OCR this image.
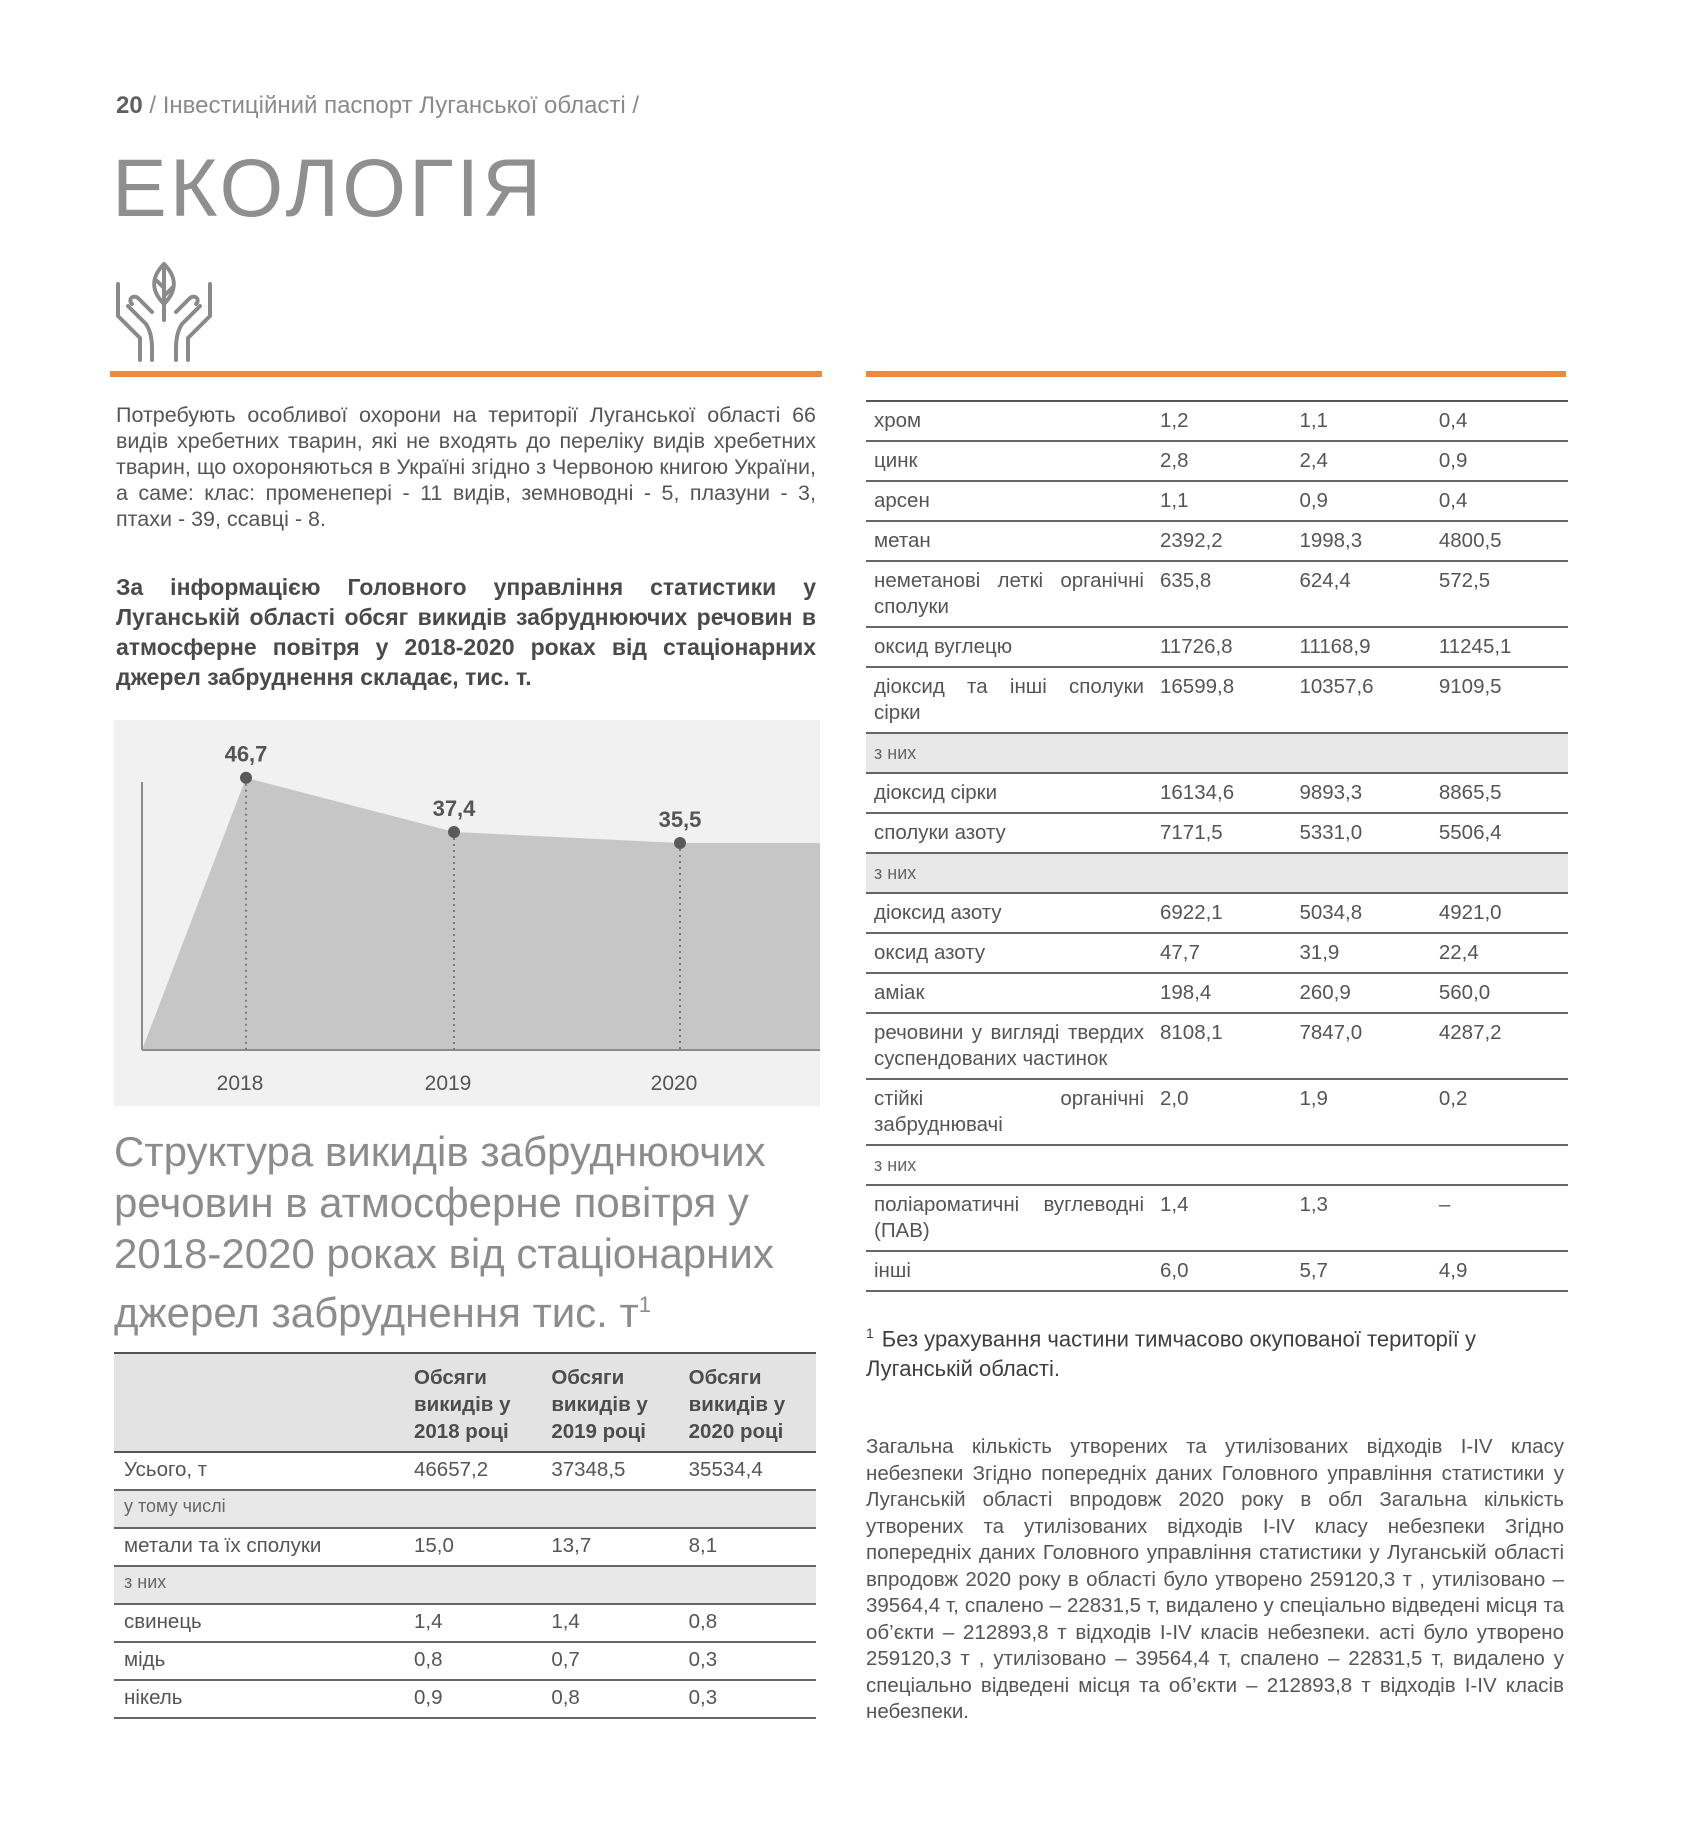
20 / Інвестиційний паспорт Луганської області /
ЕКОЛОГІЯ
Потребують особливої охорони на території Луганської області 66 видів хребетних тварин, які не входять до переліку видів хребетних тварин, що охороняються в Україні згідно з Червоною книгою України, а саме: клас: променепері - 11 видів, земноводні - 5, плазуни - 3, птахи - 39, ссавці - 8.
За інформацією Головного управління статистики у Луганській області обсяг викидів забруднюючих речовин в атмосферне повітря у 2018-2020 роках від стаціонарних джерел забруднення складає, тис. т.
46,7
2018
37,4
2019
35,5
2020
Структура викидів забруднюючих речовин в атмосферне повітря у 2018-2020 роках від стаціонарних джерел забруднення тис. $т^1$
	Обсяги викидів у 2018 році	Обсяги викидів у 2019 році	Обсяги викидів у 2020 році
Усього, т	46657,2	37348,5	35534,4
у тому числі			
метали та їх сполуки	15,0	13,7	8,1
з них			
свинець	1,4	1,4	0,8
мідь	0,8	0,7	0,3
нікель	0,9	0,8	0,3
хром	1,2	1,1	0,4
цинк	2,8	2,4	0,9
арсен	1,1	0,9	0,4
метан	2392,2	1998,3	4800,5
неметанові леткі органічні сполуки	635,8	624,4	572,5
оксид вуглецю	11726,8	11168,9	11245,1
діоксид та інші сполуки сірки	16599,8	10357,6	9109,5
з них			
діоксид сірки	16134,6	9893,3	8865,5
сполуки азоту	7171,5	5331,0	5506,4
з них			
діоксид азоту	6922,1	5034,8	4921,0
оксид азоту	47,7	31,9	22,4
аміак	198,4	260,9	560,0
речовини у вигляді твердих суспендованих частинок	8108,1	7847,0	4287,2
стійкі органічні забруднювачі	2,0	1,9	0,2
з них			
поліароматичні вуглеводні (ПАВ)	1,4	1,3	–
інші	6,0	5,7	4,9
$^1$ Без урахування частини тимчасово окупованої території у Луганській області.
Загальна кількість утворених та утилізованих відходів I-IV класу небезпеки Згідно попередніх даних Головного управління статистики у Луганській області впродовж 2020 року в обл Загальна кількість утворених та утилізованих відходів I-IV класу небезпеки Згідно попередніх даних Головного управління статистики у Луганській області впродовж 2020 року в області було утворено 259120,3 т , утилізовано – 39564,4 т, спалено – 22831,5 т, видалено у спеціально відведені місця та об’єкти – 212893,8 т відходів I-IV класів небезпеки. асті було утворено 259120,3 т , утилізовано – 39564,4 т, спалено – 22831,5 т, видалено у спеціально відведені місця та об’єкти – 212893,8 т відходів I-IV класів небезпеки.
